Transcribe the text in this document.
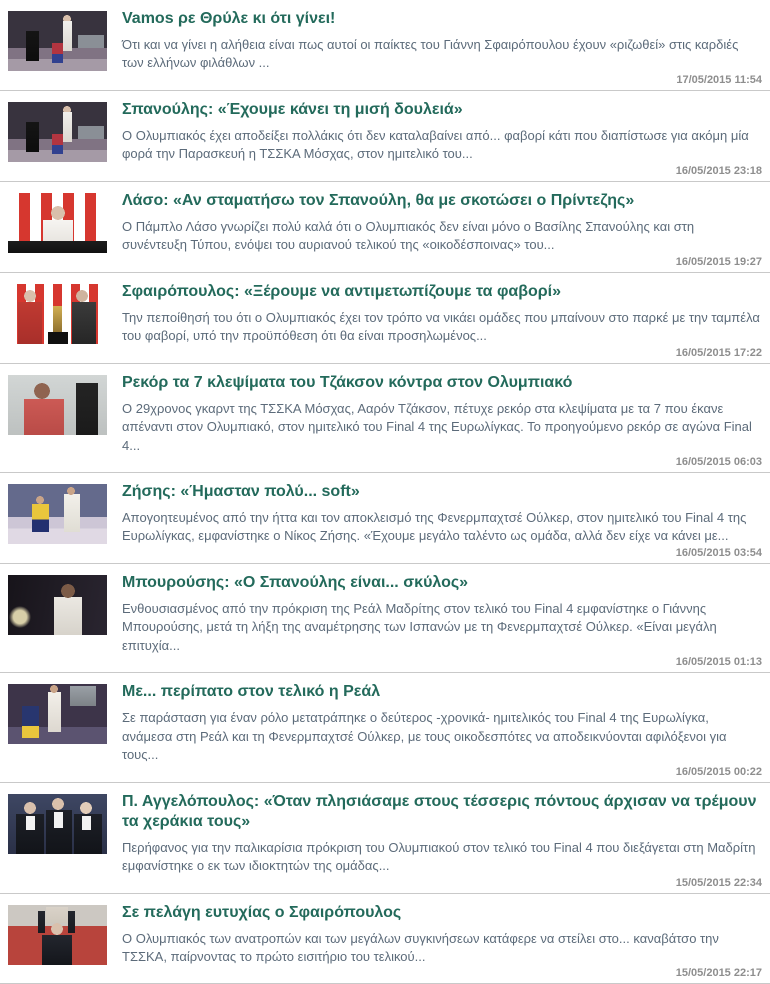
Vamos ρε Θρύλε κι ότι γίνει!

Ότι και να γίνει η αλήθεια είναι πως αυτοί οι παίκτες του Γιάννη Σφαιρόπουλου έχουν «ριζωθεί» στις καρδιές των ελλήνων φιλάθλων ...

17/05/2015 11:54
Σπανούλης: «Έχουμε κάνει τη μισή δουλειά»

Ο Ολυμπιακός έχει αποδείξει πολλάκις ότι δεν καταλαβαίνει από... φαβορί κάτι που διαπίστωσε για ακόμη μία φορά την Παρασκευή η ΤΣΣΚΑ Μόσχας, στον ημιτελικό του...

16/05/2015 23:18
Λάσο: «Αν σταματήσω τον Σπανούλη, θα με σκοτώσει ο Πρίντεζης»

Ο Πάμπλο Λάσο γνωρίζει πολύ καλά ότι ο Ολυμπιακός δεν είναι μόνο ο Βασίλης Σπανούλης και στη συνέντευξη Τύπου, ενόψει του αυριανού τελικού της «οικοδέσποινας» του...

16/05/2015 19:27
Σφαιρόπουλος: «Ξέρουμε να αντιμετωπίζουμε τα φαβορί»

Την πεποίθησή του ότι ο Ολυμπιακός έχει τον τρόπο να νικάει ομάδες που μπαίνουν στο παρκέ με την ταμπέλα του φαβορί, υπό την προϋπόθεση ότι θα είναι προσηλωμένος...

16/05/2015 17:22
Ρεκόρ τα 7 κλεψίματα του Τζάκσον κόντρα στον Ολυμπιακό

Ο 29χρονος γκαρντ της ΤΣΣΚΑ Μόσχας, Ααρόν Τζάκσον, πέτυχε ρεκόρ στα κλεψίματα με τα 7 που έκανε απέναντι στον Ολυμπιακό, στον ημιτελικό του Final 4 της Ευρωλίγκας. Το προηγούμενο ρεκόρ σε αγώνα Final 4...

16/05/2015 06:03
Ζήσης: «Ήμασταν πολύ... soft»

Απογοητευμένος από την ήττα και τον αποκλεισμό της Φενερμπαχτσέ Ούλκερ, στον ημιτελικό του Final 4 της Ευρωλίγκας, εμφανίστηκε ο Νίκος Ζήσης. «Έχουμε μεγάλο ταλέντο ως ομάδα, αλλά δεν είχε να κάνει με...

16/05/2015 03:54
Μπουρούσης: «Ο Σπανούλης είναι... σκύλος»

Ενθουσιασμένος από την πρόκριση της Ρεάλ Μαδρίτης στον τελικό του Final 4 εμφανίστηκε ο Γιάννης Μπουρούσης, μετά τη λήξη της αναμέτρησης των Ισπανών με τη Φενερμπαχτσέ Ούλκερ. «Είναι μεγάλη επιτυχία...

16/05/2015 01:13
Με... περίπατο στον τελικό η Ρεάλ

Σε παράσταση για έναν ρόλο μετατράπηκε ο δεύτερος -χρονικά- ημιτελικός του Final 4 της Ευρωλίγκα, ανάμεσα στη Ρεάλ και τη Φενερμπαχτσέ Ούλκερ, με τους οικοδεσπότες να αποδεικνύονται αφιλόξενοι για τους...

16/05/2015 00:22
Π. Αγγελόπουλος: «Όταν πλησιάσαμε στους τέσσερις πόντους άρχισαν να τρέμουν τα χεράκια τους»

Περήφανος για την παλικαρίσια πρόκριση του Ολυμπιακού στον τελικό του Final 4 που διεξάγεται στη Μαδρίτη εμφανίστηκε ο εκ των ιδιοκτητών της ομάδας...

15/05/2015 22:34
Σε πελάγη ευτυχίας ο Σφαιρόπουλος

Ο Ολυμπιακός των ανατροπών και των μεγάλων συγκινήσεων κατάφερε να στείλει στο... καναβάτσο την ΤΣΣΚΑ, παίρνοντας το πρώτο εισιτήριο του τελικού...

15/05/2015 22:17
